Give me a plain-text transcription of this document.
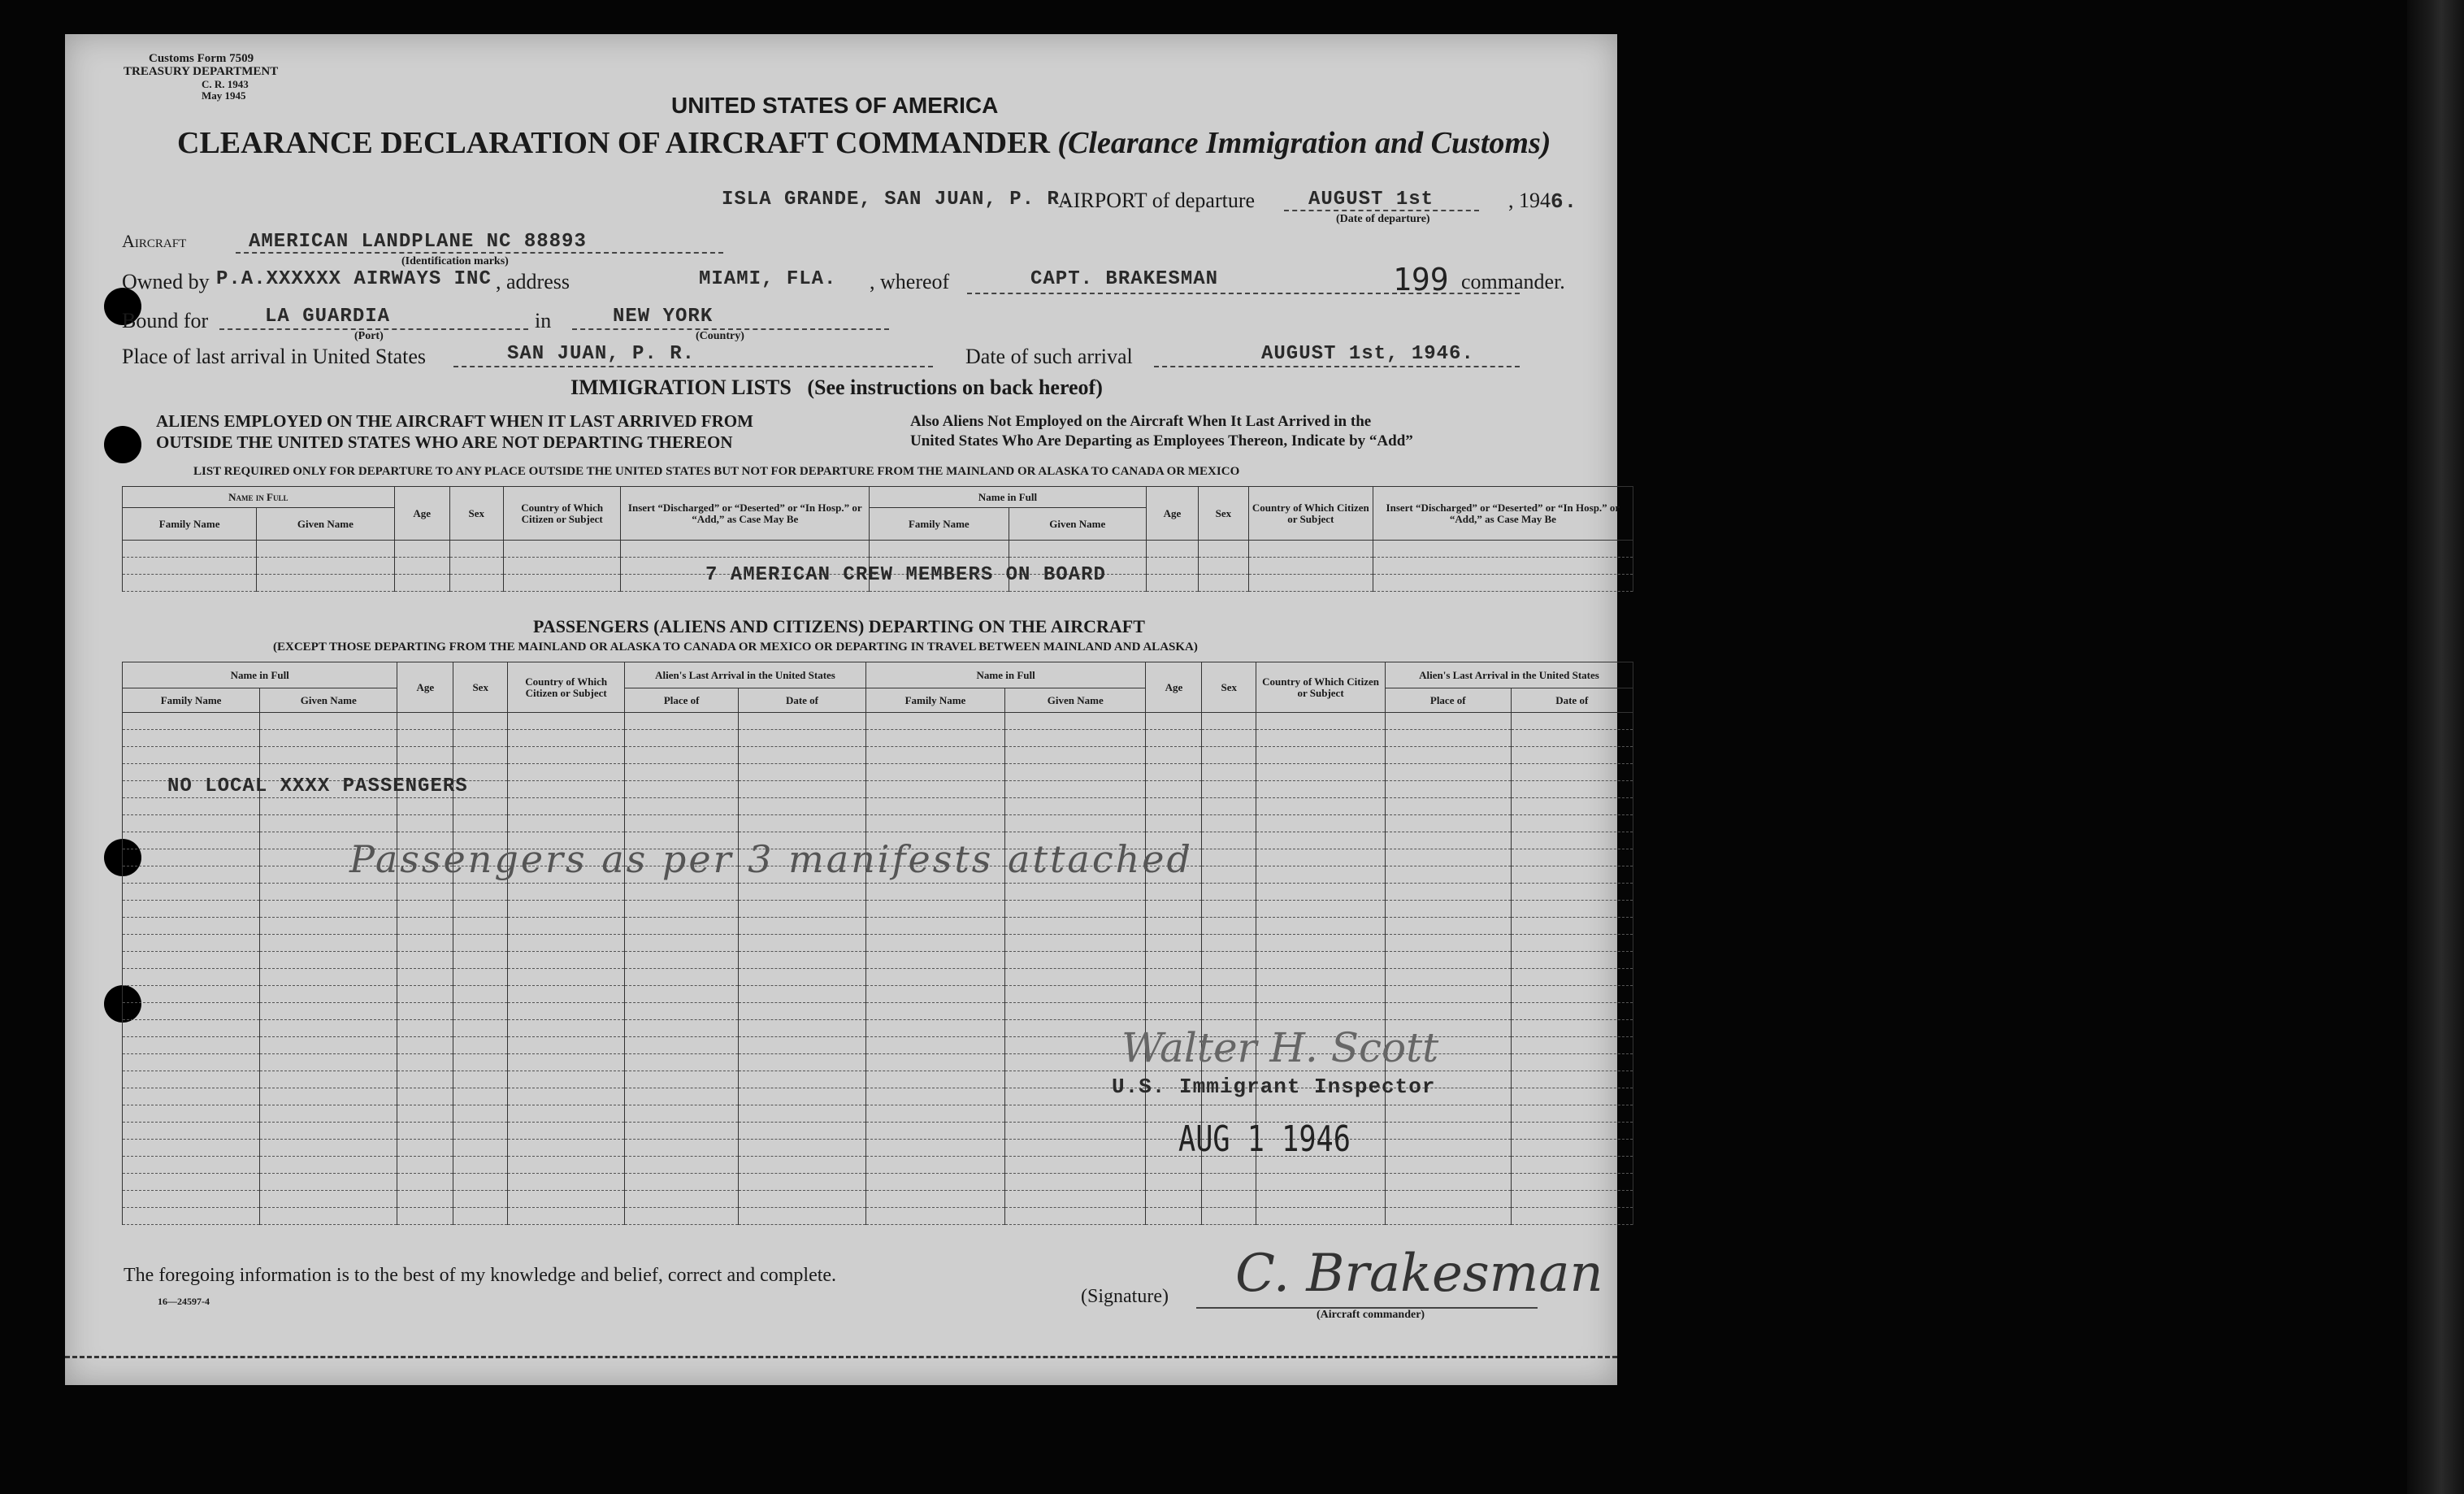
Customs Form 7509
TREASURY DEPARTMENT
C. R. 1943
May 1945	UNITED STATES OF AMERICA
CLEARANCE DECLARATION OF AIRCRAFT COMMANDER (Clearance Immigration and Customs)
ISLA GRANDE, SAN JUAN, P. R.
AIRPORT of departure	AUGUST 1st
(Date of departure)
, 1946.
Aircraft	AMERICAN LANDPLANE NC 88893
(Identification marks)
Owned by P.A.XXXXXX AIRWAYS INC , address	MIAMI, FLA. , whereof	CAPT. BRAKESMAN	199 commander.
Bound for	LA GUARDIA
(Port)
in	NEW YORK
(Country)
Place of last arrival in United States	SAN JUAN, P. R.	Date of such arrival	AUGUST 1st, 1946.
IMMIGRATION LISTS (See instructions on back hereof)
ALIENS EMPLOYED ON THE AIRCRAFT WHEN IT LAST ARRIVED FROM
OUTSIDE THE UNITED STATES WHO ARE NOT DEPARTING THEREON
Also Aliens Not Employed on the Aircraft When It Last Arrived in the
United States Who Are Departing as Employees Thereon, Indicate by “Add”
LIST REQUIRED ONLY FOR DEPARTURE TO ANY PLACE OUTSIDE THE UNITED STATES BUT NOT FOR DEPARTURE FROM THE MAINLAND OR ALASKA TO CANADA OR MEXICO
Name in Full		Age	Sex	Country of Which Citizen or Subject	Insert “Discharged” or “Deserted” or “In Hosp.” or “Add,” as Case May Be	Name in Full		Age	Sex	Country of Which Citizen or Subject	Insert “Discharged” or “Deserted” or “In Hosp.” or “Add,” as Case May Be
Family Name	Given Name					Family Name	Given Name				

7 AMERICAN CREW MEMBERS ON BOARD
PASSENGERS (ALIENS AND CITIZENS) DEPARTING ON THE AIRCRAFT
(EXCEPT THOSE DEPARTING FROM THE MAINLAND OR ALASKA TO CANADA OR MEXICO OR DEPARTING IN TRAVEL BETWEEN MAINLAND AND ALASKA)
Name in Full		Age	Sex	Country of Which Citizen or Subject	Alien's Last Arrival in the United States		Name in Full		Age	Sex	Country of Which Citizen or Subject	Alien's Last Arrival in the United States	
Family Name	Given Name				Place of	Date of	Family Name	Given Name				Place of	Date of

NO LOCAL XXXX PASSENGERS
Passengers as per 3 manifests attached
Walter H. Scott
U.S. Immigrant Inspector
AUG 1 1946
The foregoing information is to the best of my knowledge and belief, correct and complete.
16—24597-4	(Signature) C. Brakesman
(Aircraft commander)
